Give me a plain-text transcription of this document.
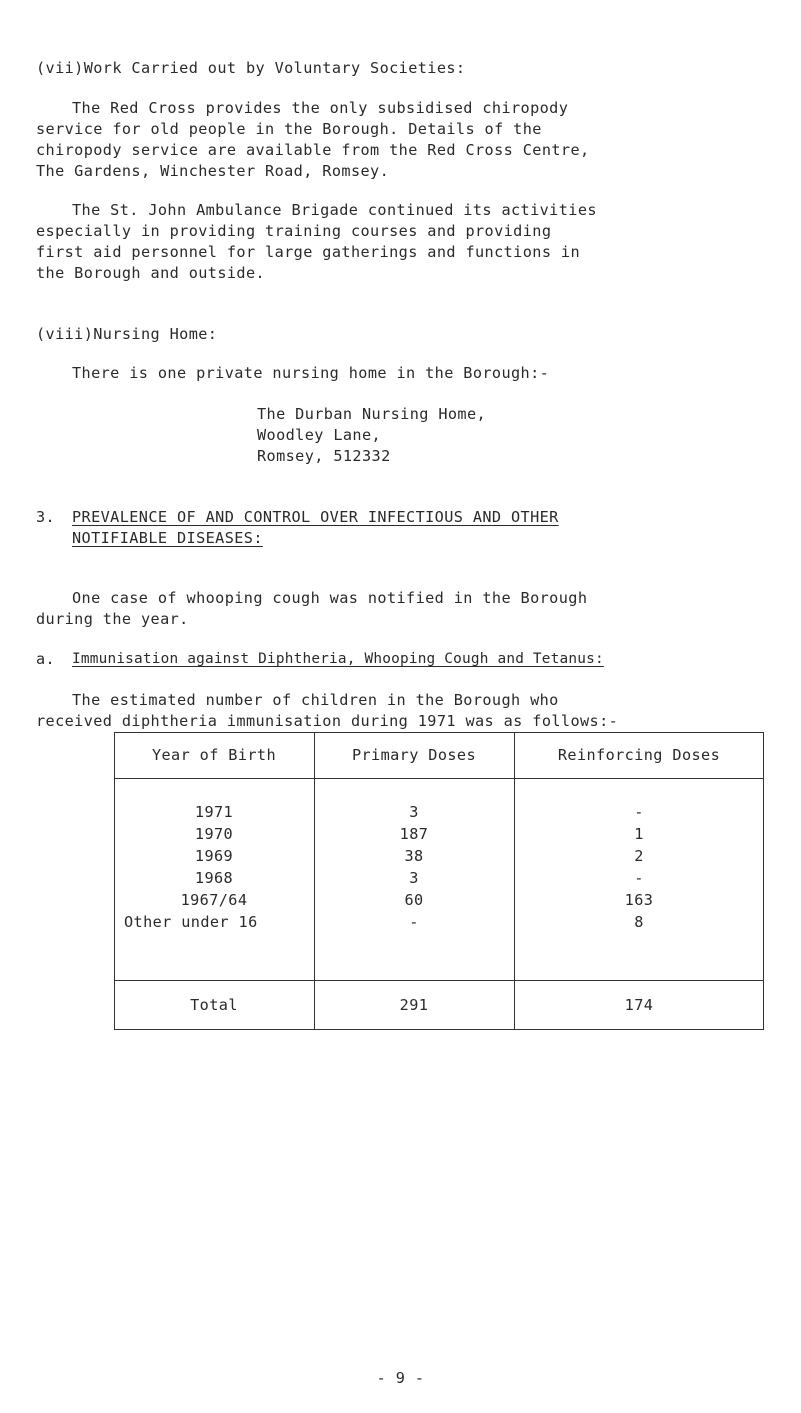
(vii)Work Carried out by Voluntary Societies:
The Red Cross provides the only subsidised chiropody
service for old people in the Borough. Details of the
chiropody service are available from the Red Cross Centre,
The Gardens, Winchester Road, Romsey.
The St. John Ambulance Brigade continued its activities
especially in providing training courses and providing
first aid personnel for large gatherings and functions in
the Borough and outside.
(viii)Nursing Home:
There is one private nursing home in the Borough:-
The Durban Nursing Home,
Woodley Lane,
Romsey, 512332
3. PREVALENCE OF AND CONTROL OVER INFECTIOUS AND OTHER
NOTIFIABLE DISEASES:
One case of whooping cough was notified in the Borough
during the year.
a. Immunisation against Diphtheria, Whooping Cough and Tetanus:
The estimated number of children in the Borough who
received diphtheria immunisation during 1971 was as follows:-
Year of Birth	Primary Doses	Reinforcing Doses
1971	3	-
1970	187	1
1969	38	2
1968	3	-
1967/64	60	163
Other under 16	-	8
Total	291	174
- 9 -
